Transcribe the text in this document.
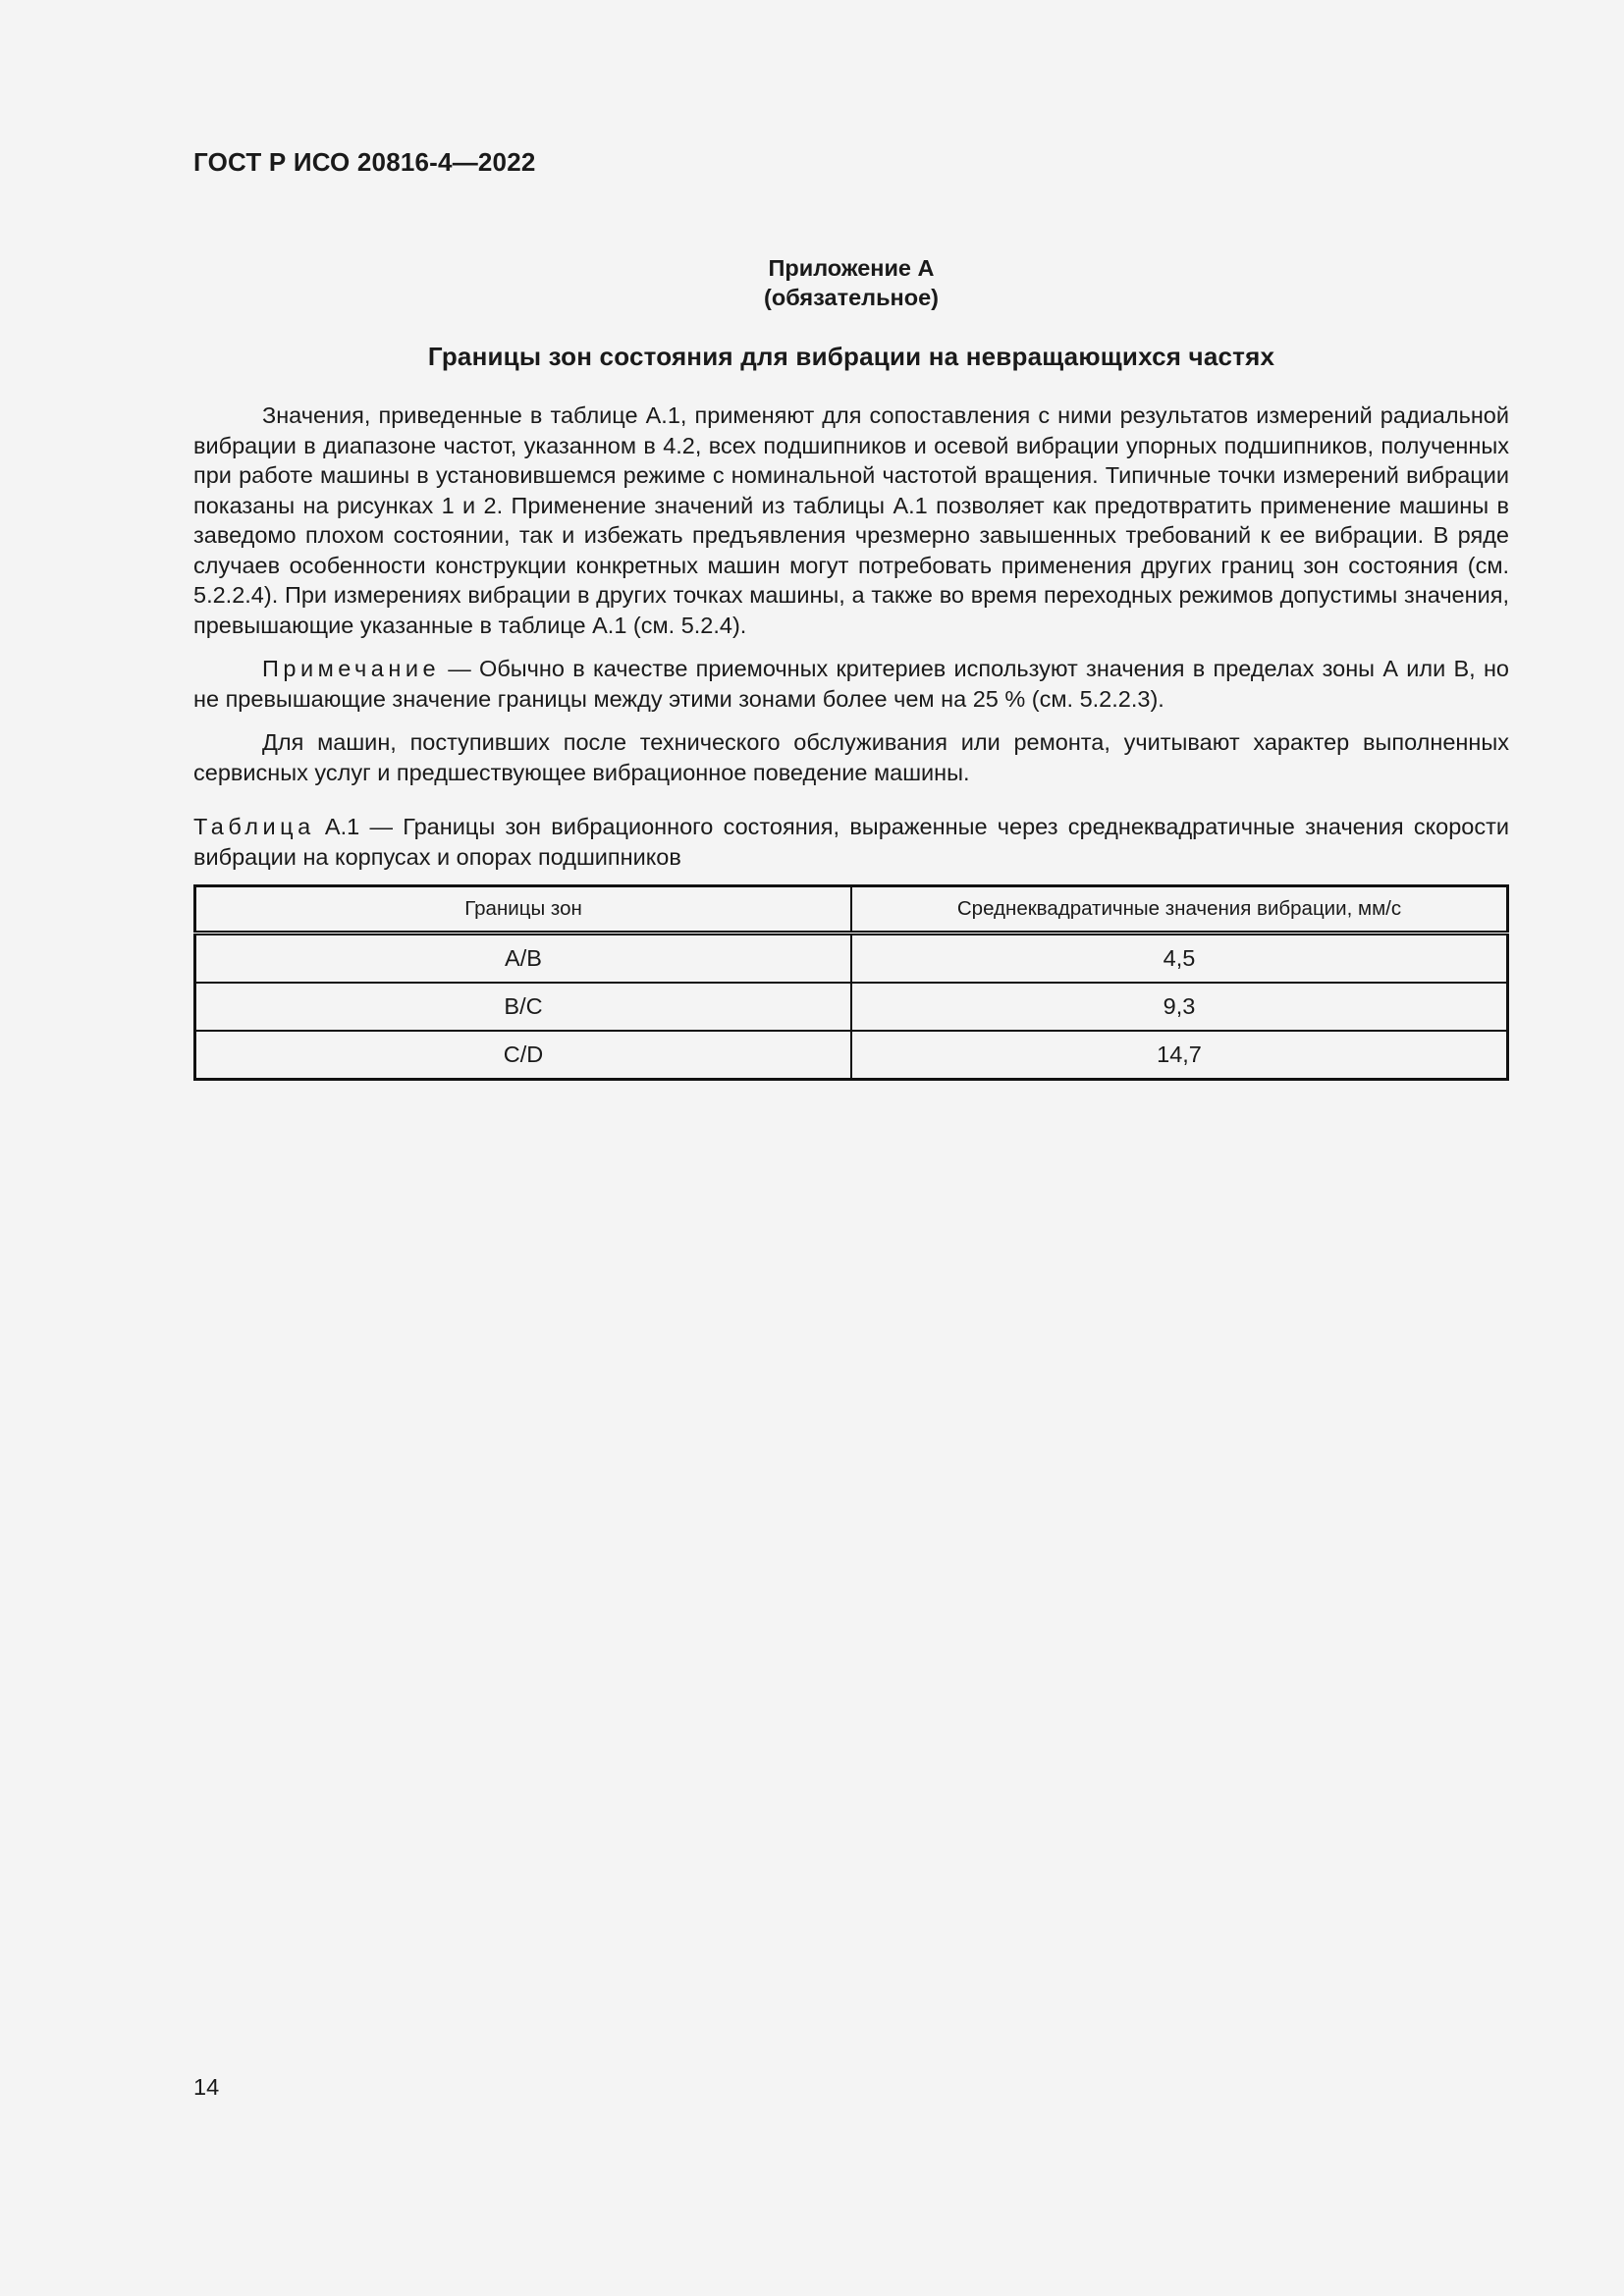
ГОСТ Р ИСО 20816-4—2022
Приложение А
(обязательное)
Границы зон состояния для вибрации на невращающихся частях

Значения, приведенные в таблице А.1, применяют для сопоставления с ними результатов измерений радиальной вибрации в диапазоне частот, указанном в 4.2, всех подшипников и осевой вибрации упорных подшипников, полученных при работе машины в установившемся режиме с номинальной частотой вращения. Типичные точки измерений вибрации показаны на рисунках 1 и 2. Применение значений из таблицы А.1 позволяет как предотвратить применение машины в заведомо плохом состоянии, так и избежать предъявления чрезмерно завышенных требований к ее вибрации. В ряде случаев особенности конструкции конкретных машин могут потребовать применения других границ зон состояния (см. 5.2.2.4). При измерениях вибрации в других точках машины, а также во время переходных режимов допустимы значения, превышающие указанные в таблице А.1 (см. 5.2.4).

Примечание — Обычно в качестве приемочных критериев используют значения в пределах зоны А или В, но не превышающие значение границы между этими зонами более чем на 25 % (см. 5.2.2.3).

Для машин, поступивших после технического обслуживания или ремонта, учитывают характер выполненных сервисных услуг и предшествующее вибрационное поведение машины.

Таблица А.1 — Границы зон вибрационного состояния, выраженные через среднеквадратичные значения скорости вибрации на корпусах и опорах подшипников
Границы зон	Среднеквадратичные значения вибрации, мм/с
А/В	4,5
В/С	9,3
С/D	14,7
14
